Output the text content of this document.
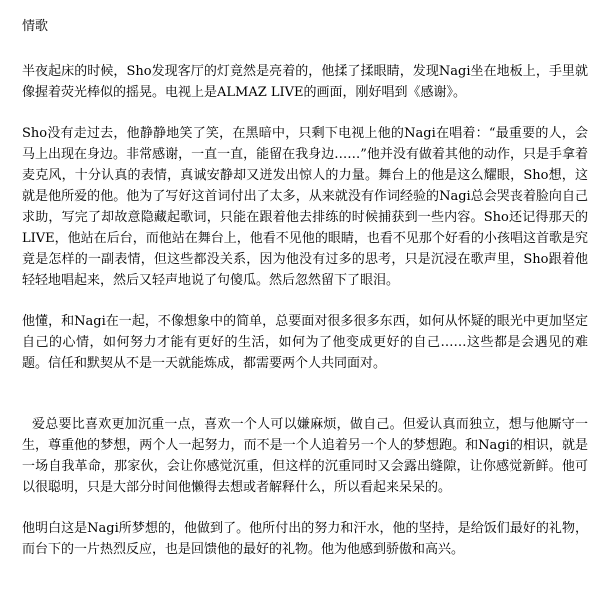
情歌

半夜起床的时候，Sho发现客厅的灯竟然是亮着的，他揉了揉眼睛，发现Nagi坐在地板上，手里就像握着荧光棒似的摇晃。电视上是ALMAZ LIVE的画面，刚好唱到《感谢》。

Sho没有走过去，他静静地笑了笑，在黑暗中，只剩下电视上他的Nagi在唱着：“最重要的人，会马上出现在身边。非常感谢，一直一直，能留在我身边……”他并没有做着其他的动作，只是手拿着麦克风，十分认真的表情，真诚安静却又迸发出惊人的力量。舞台上的他是这么耀眼，Sho想，这就是他所爱的他。他为了写好这首词付出了太多，从来就没有作词经验的Nagi总会哭丧着脸向自己求助，写完了却故意隐藏起歌词，只能在跟着他去排练的时候捕获到一些内容。Sho还记得那天的LIVE，他站在后台，而他站在舞台上，他看不见他的眼睛，也看不见那个好看的小孩唱这首歌是究竟是怎样的一副表情，但这些都没关系，因为他没有过多的思考，只是沉浸在歌声里，Sho跟着他轻轻地唱起来，然后又轻声地说了句傻瓜。然后忽然留下了眼泪。

他懂，和Nagi在一起，不像想象中的简单，总要面对很多很多东西，如何从怀疑的眼光中更加坚定自己的心情，如何努力才能有更好的生活，如何为了他变成更好的自己……这些都是会遇见的难题。信任和默契从不是一天就能炼成，都需要两个人共同面对。

爱总要比喜欢更加沉重一点，喜欢一个人可以嫌麻烦，做自己。但爱认真而独立，想与他厮守一生，尊重他的梦想，两个人一起努力，而不是一个人追着另一个人的梦想跑。和Nagi的相识，就是一场自我革命，那家伙，会让你感觉沉重，但这样的沉重同时又会露出缝隙，让你感觉新鲜。他可以很聪明，只是大部分时间他懒得去想或者解释什么，所以看起来呆呆的。

他明白这是Nagi所梦想的，他做到了。他所付出的努力和汗水，他的坚持，是给饭们最好的礼物，而台下的一片热烈反应，也是回馈他的最好的礼物。他为他感到骄傲和高兴。
